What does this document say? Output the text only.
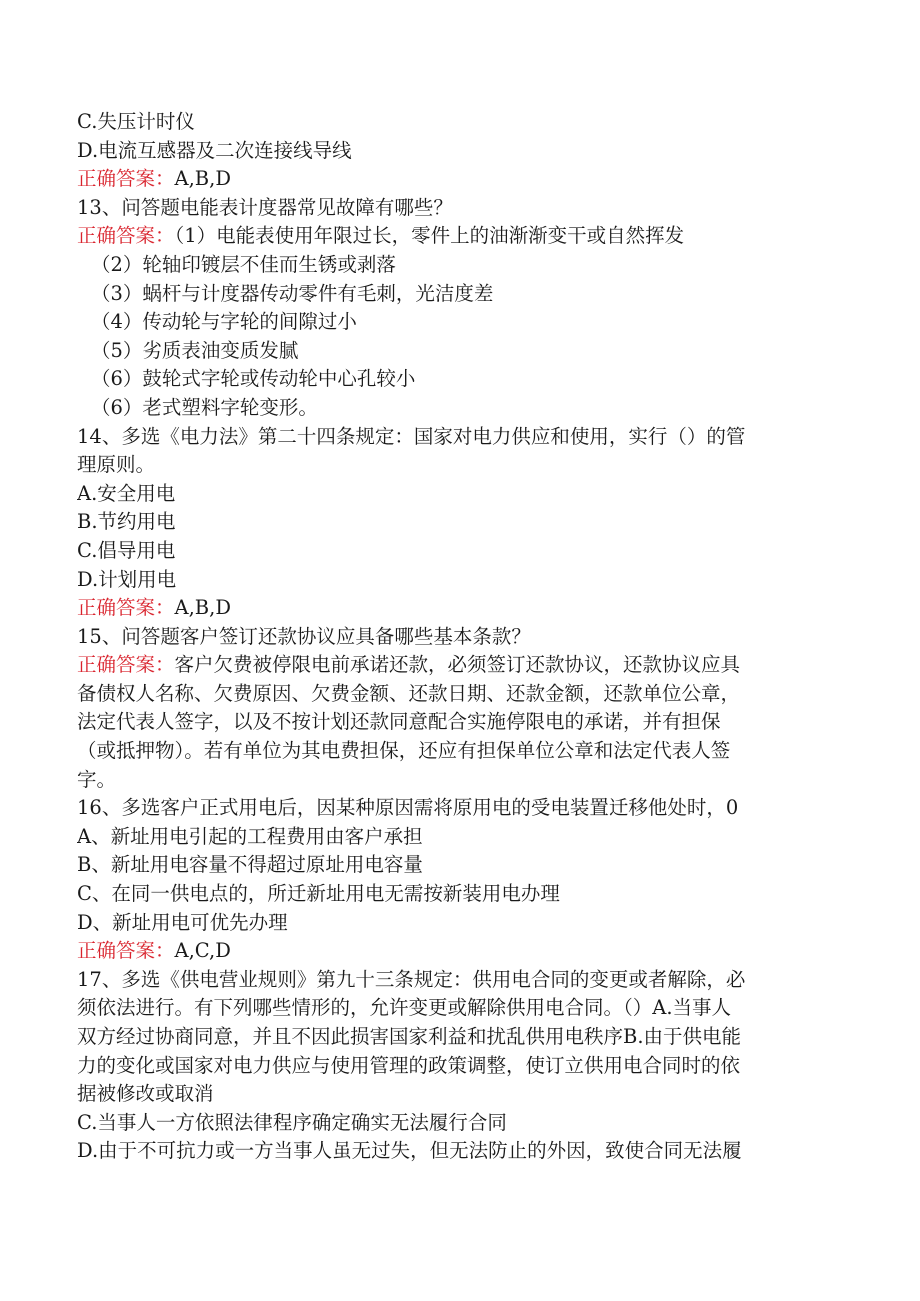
C.失压计时仪
D.电流互感器及二次连接线导线
正确答案：A,B,D
13、问答题电能表计度器常见故障有哪些？
正确答案：（1）电能表使用年限过长，零件上的油渐渐变干或自然挥发
（2）轮轴印镀层不佳而生锈或剥落
（3）蜗杆与计度器传动零件有毛刺，光洁度差
（4）传动轮与字轮的间隙过小
（5）劣质表油变质发腻
（6）鼓轮式字轮或传动轮中心孔较小
（6）老式塑料字轮变形。
14、多选《电力法》第二十四条规定：国家对电力供应和使用，实行（）的管
理原则。
A.安全用电
B.节约用电
C.倡导用电
D.计划用电
正确答案：A,B,D
15、问答题客户签订还款协议应具备哪些基本条款？
正确答案：客户欠费被停限电前承诺还款，必须签订还款协议，还款协议应具
备债权人名称、欠费原因、欠费金额、还款日期、还款金额，还款单位公章，
法定代表人签字，以及不按计划还款同意配合实施停限电的承诺，并有担保
（或抵押物）。若有单位为其电费担保，还应有担保单位公章和法定代表人签
字。
16、多选客户正式用电后，因某种原因需将原用电的受电装置迁移他处时，0
A、新址用电引起的工程费用由客户承担
B、新址用电容量不得超过原址用电容量
C、在同一供电点的，所迁新址用电无需按新装用电办理
D、新址用电可优先办理
正确答案：A,C,D
17、多选《供电营业规则》第九十三条规定：供用电合同的变更或者解除，必
须依法进行。有下列哪些情形的，允许变更或解除供用电合同。（）A.当事人
双方经过协商同意，并且不因此损害国家利益和扰乱供用电秩序B.由于供电能
力的变化或国家对电力供应与使用管理的政策调整，使订立供用电合同时的依
据被修改或取消
C.当事人一方依照法律程序确定确实无法履行合同
D.由于不可抗力或一方当事人虽无过失，但无法防止的外因，致使合同无法履
